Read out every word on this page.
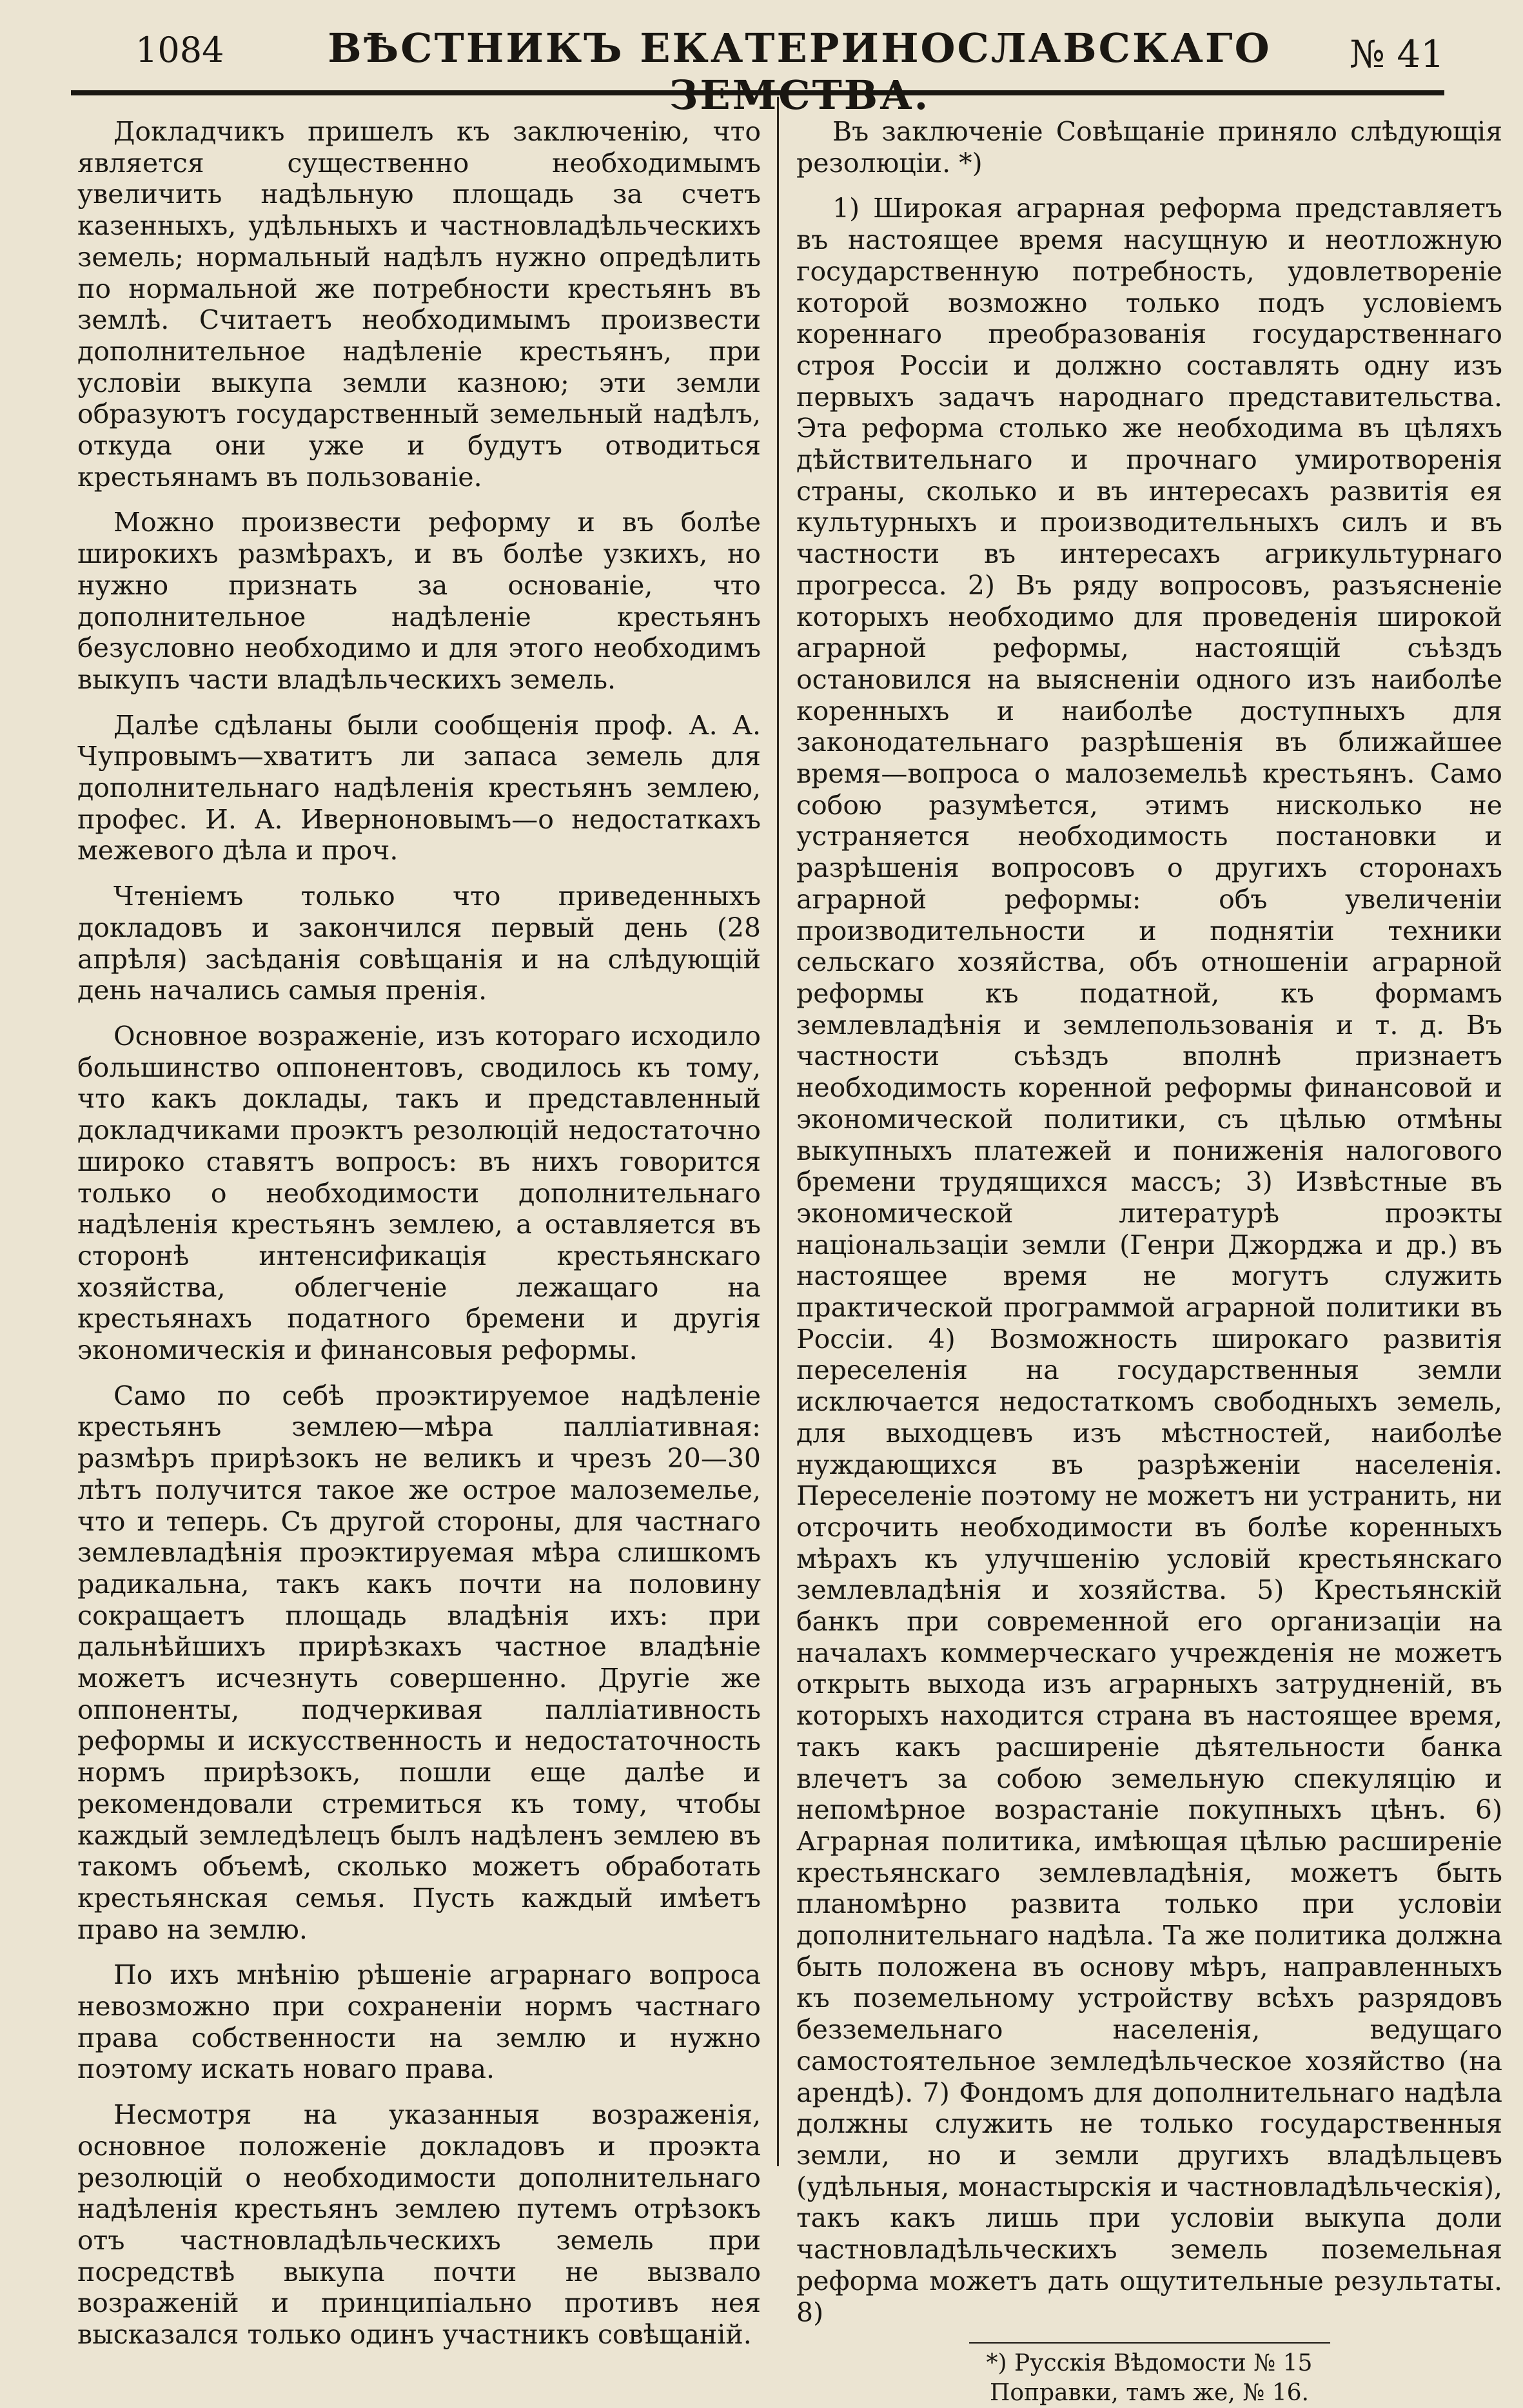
1084	ВѢСТНИКЪ ЕКАТЕРИНОСЛАВСКАГО ЗЕМСТВА.
№ 41

Докладчикъ пришелъ къ заключенію, что является существенно необходимымъ увеличить надѣльную площадь за счетъ казенныхъ, удѣльныхъ и частновладѣльческихъ земель; нормальный надѣлъ нужно опредѣлить по нормальной же потребности крестьянъ въ землѣ. Считаетъ необходимымъ произвести дополнительное надѣленіе крестьянъ, при условіи выкупа земли казною; эти земли образуютъ государственный земельный надѣлъ, откуда они уже и будутъ отводиться крестьянамъ въ пользованіе.

Можно произвести реформу и въ болѣе широкихъ размѣрахъ, и въ болѣе узкихъ, но нужно признать за основаніе, что дополнительное надѣленіе крестьянъ безусловно необходимо и для этого необходимъ выкупъ части владѣльческихъ земель.

Далѣе сдѣланы были сообщенія проф. А. А. Чупровымъ—хватитъ ли запаса земель для дополнительнаго надѣленія крестьянъ землею, профес. И. А. Иверноновымъ—о недостаткахъ межевого дѣла и проч.

Чтеніемъ только что приведенныхъ докладовъ и закончился первый день (28 апрѣля) засѣданія совѣщанія и на слѣдующій день начались самыя пренія.

Основное возраженіе, изъ котораго исходило большинство оппонентовъ, сводилось къ тому, что какъ доклады, такъ и представленный докладчиками проэктъ резолюцій недостаточно широко ставятъ вопросъ: въ нихъ говорится только о необходимости дополнительнаго надѣленія крестьянъ землею, а оставляется въ сторонѣ интенсификація крестьянскаго хозяйства, облегченіе лежащаго на крестьянахъ податного бремени и другія экономическія и финансовыя реформы.

Само по себѣ проэктируемое надѣленіе крестьянъ землею—мѣра палліативная: размѣръ прирѣзокъ не великъ и чрезъ 20—30 лѣтъ получится такое же острое малоземелье, что и теперь. Съ другой стороны, для частнаго землевладѣнія проэктируемая мѣра слишкомъ радикальна, такъ какъ почти на половину сокращаетъ площадь владѣнія ихъ: при дальнѣйшихъ прирѣзкахъ частное владѣніе можетъ исчезнуть совершенно. Другіе же оппоненты, подчеркивая палліативность реформы и искусственность и недостаточность нормъ прирѣзокъ, пошли еще далѣе и рекомендовали стремиться къ тому, чтобы каждый земледѣлецъ былъ надѣленъ землею въ такомъ объемѣ, сколько можетъ обработать крестьянская семья. Пусть каждый имѣетъ право на землю.

По ихъ мнѣнію рѣшеніе аграрнаго вопроса невозможно при сохраненіи нормъ частнаго права собственности на землю и нужно поэтому искать новаго права.

Несмотря на указанныя возраженія, основное положеніе докладовъ и проэкта резолюцій о необходимости дополнительнаго надѣленія крестьянъ землею путемъ отрѣзокъ отъ частновладѣльческихъ земель при посредствѣ выкупа почти не вызвало возраженій и принципіально противъ нея высказался только одинъ участникъ совѣщаній.

Въ заключеніе Совѣщаніе приняло слѣдующія резолюціи. *)

1) Широкая аграрная реформа представляетъ въ настоящее время насущную и неотложную государственную потребность, удовлетвореніе которой возможно только подъ условіемъ кореннаго преобразованія государственнаго строя Россіи и должно составлять одну изъ первыхъ задачъ народнаго представительства. Эта реформа столько же необходима въ цѣляхъ дѣйствительнаго и прочнаго умиротворенія страны, сколько и въ интересахъ развитія ея культурныхъ и производительныхъ силъ и въ частности въ интересахъ агрикультурнаго прогресса. 2) Въ ряду вопросовъ, разъясненіе которыхъ необходимо для проведенія широкой аграрной реформы, настоящій съѣздъ остановился на выясненіи одного изъ наиболѣе коренныхъ и наиболѣе доступныхъ для законодательнаго разрѣшенія въ ближайшее время—вопроса о малоземельѣ крестьянъ. Само собою разумѣется, этимъ нисколько не устраняется необходимость постановки и разрѣшенія вопросовъ о другихъ сторонахъ аграрной реформы: объ увеличеніи производительности и поднятіи техники сельскаго хозяйства, объ отношеніи аграрной реформы къ податной, къ формамъ землевладѣнія и землепользованія и т. д. Въ частности съѣздъ вполнѣ признаетъ необходимость коренной реформы финансовой и экономической политики, съ цѣлью отмѣны выкупныхъ платежей и пониженія налогового бремени трудящихся массъ; 3) Извѣстные въ экономической литературѣ проэкты національзаціи земли (Генри Джорджа и др.) въ настоящее время не могутъ служить практической программой аграрной политики въ Россіи. 4) Возможность широкаго развитія переселенія на государственныя земли исключается недостаткомъ свободныхъ земель, для выходцевъ изъ мѣстностей, наиболѣе нуждающихся въ разрѣженіи населенія. Переселеніе поэтому не можетъ ни устранить, ни отсрочить необходимости въ болѣе коренныхъ мѣрахъ къ улучшенію условій крестьянскаго землевладѣнія и хозяйства. 5) Крестьянскій банкъ при современной его организаціи на началахъ коммерческаго учрежденія не можетъ открыть выхода изъ аграрныхъ затрудненій, въ которыхъ находится страна въ настоящее время, такъ какъ расширеніе дѣятельности банка влечетъ за собою земельную спекуляцію и непомѣрное возрастаніе покупныхъ цѣнъ. 6) Аграрная политика, имѣющая цѣлью расширеніе крестьянскаго землевладѣнія, можетъ быть планомѣрно развита только при условіи дополнительнаго надѣла. Та же политика должна быть положена въ основу мѣръ, направленныхъ къ поземельному устройству всѣхъ разрядовъ безземельнаго населенія, ведущаго самостоятельное земледѣльческое хозяйство (на арендѣ). 7) Фондомъ для дополнительнаго надѣла должны служить не только государственныя земли, но и земли другихъ владѣльцевъ (удѣльныя, монастырскія и частновладѣльческія), такъ какъ лишь при условіи выкупа доли частновладѣльческихъ земель поземельная реформа можетъ дать ощутительные результаты. 8)

*) Русскія Вѣдомости № 15
Поправки, тамъ же, № 16.
